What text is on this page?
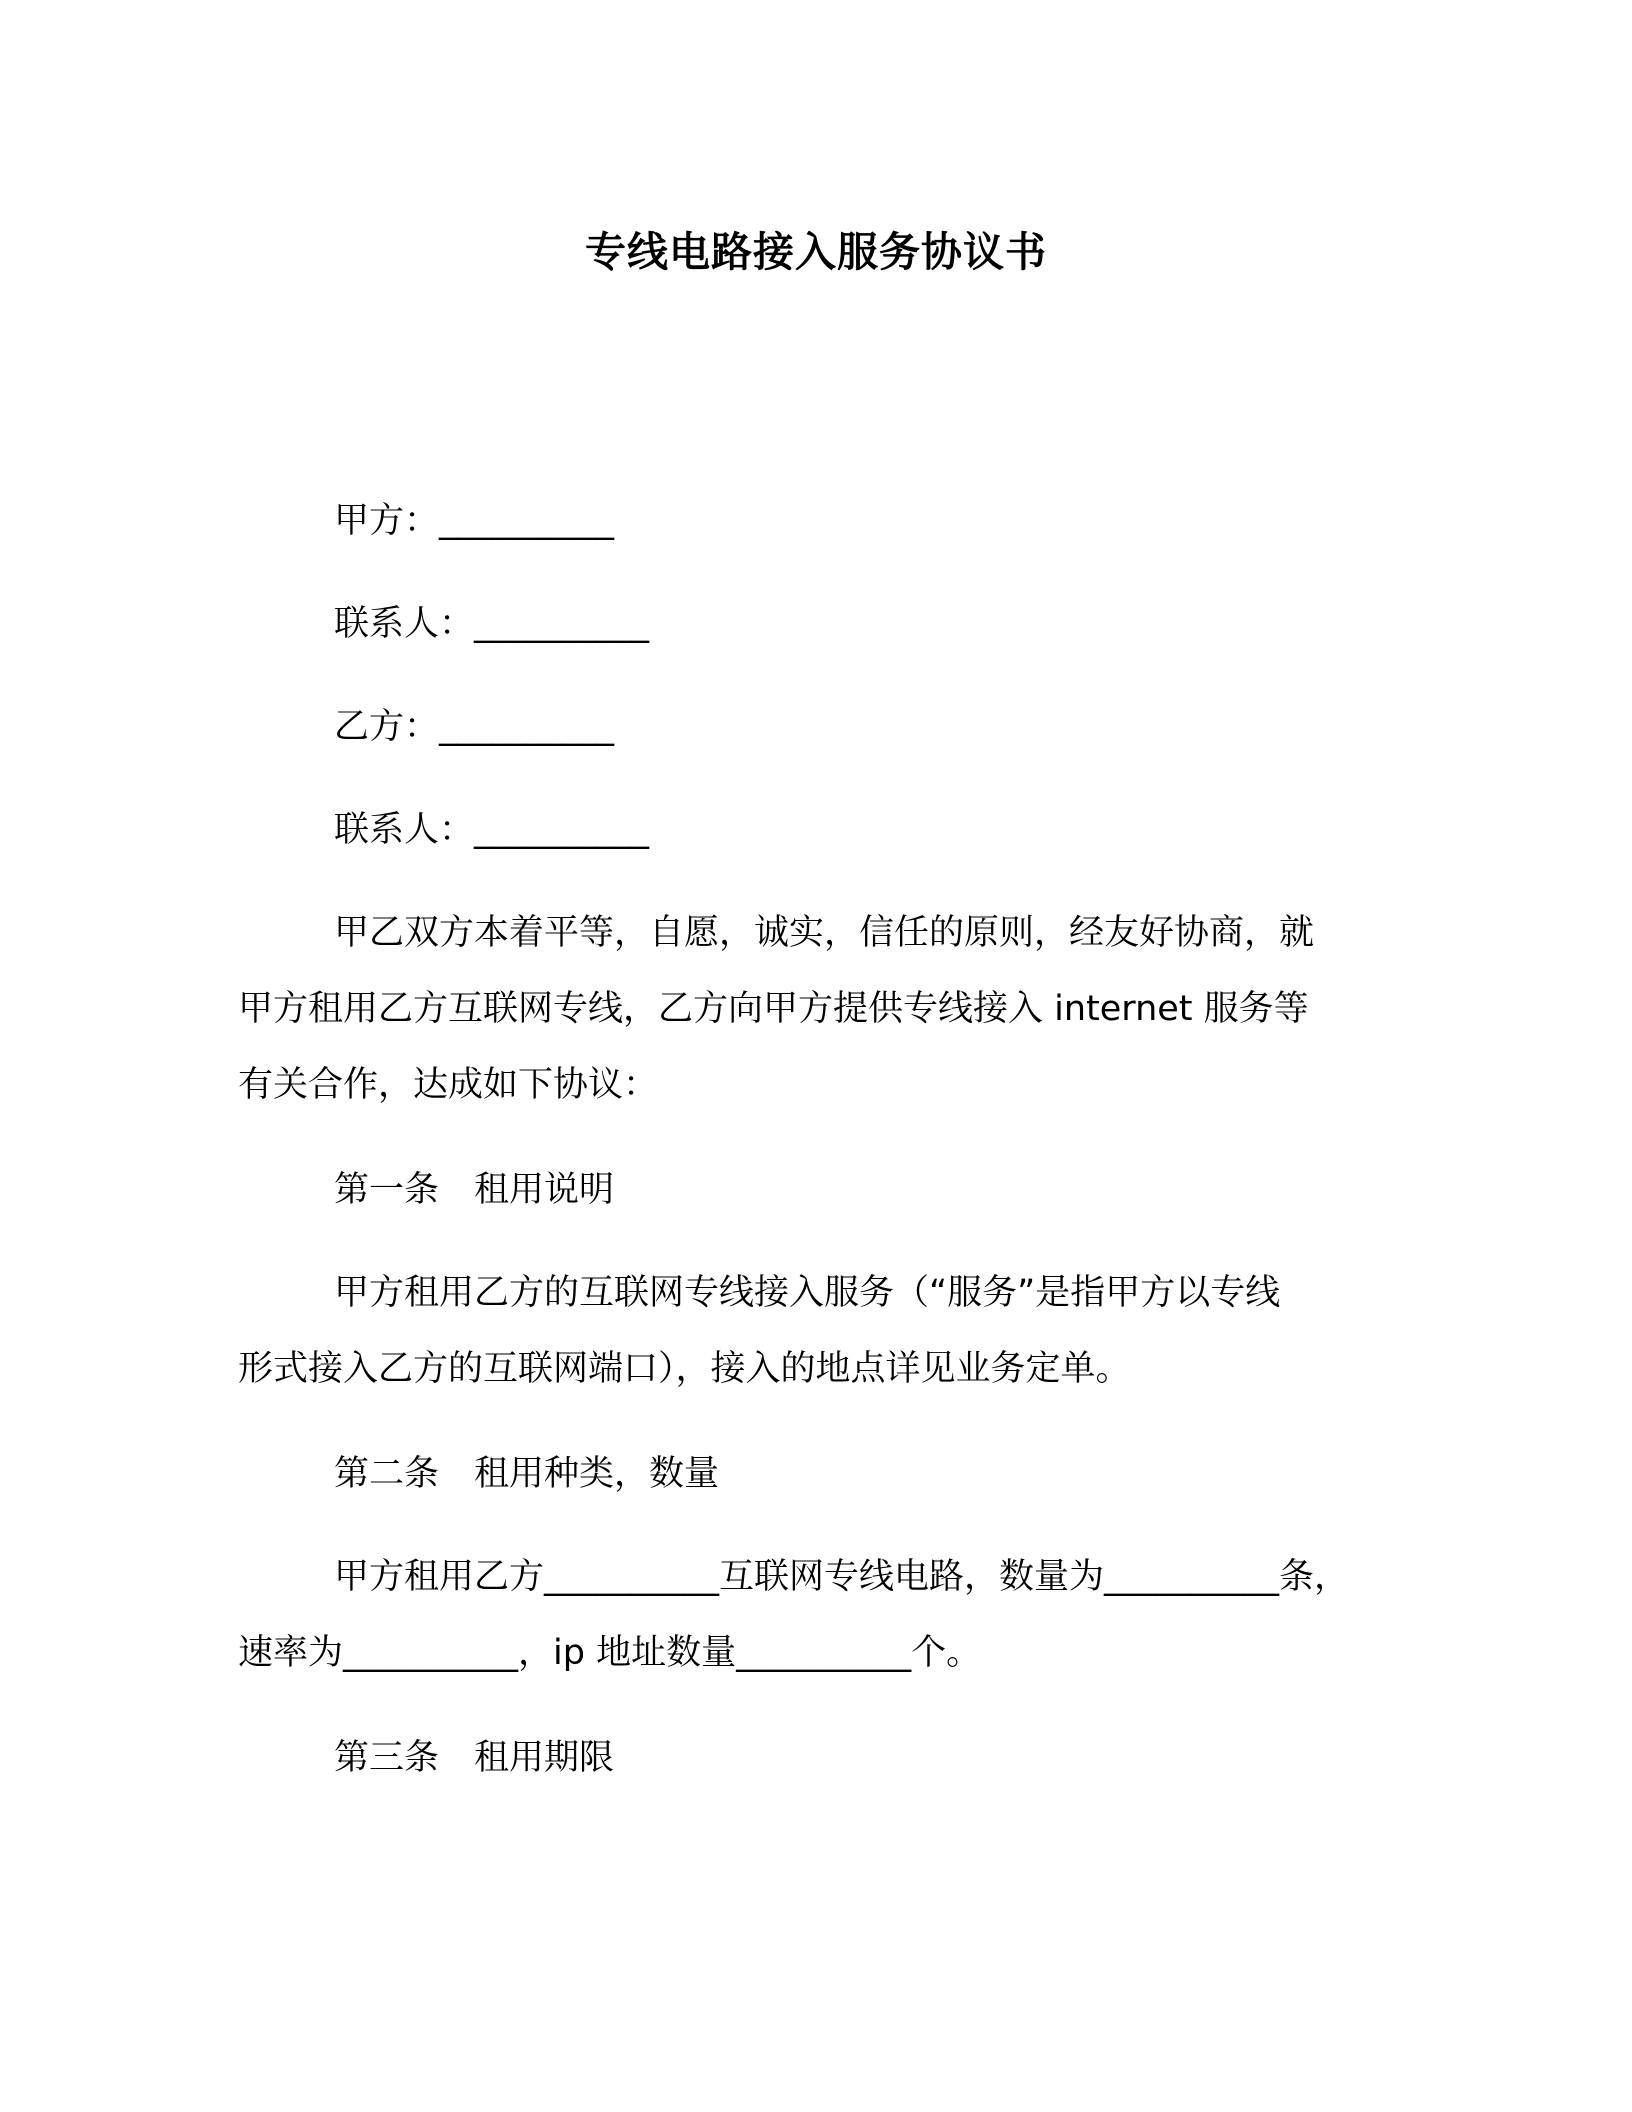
专线电路接入服务协议书
甲方：__________
联系人：__________
乙方：__________
联系人：__________
甲乙双方本着平等，自愿，诚实，信任的原则，经友好协商，就
甲方租用乙方互联网专线，乙方向甲方提供专线接入 internet 服务等
有关合作，达成如下协议：
第一条　租用说明
甲方租用乙方的互联网专线接入服务（“服务”是指甲方以专线
形式接入乙方的互联网端口），接入的地点详见业务定单。
第二条　租用种类，数量
甲方租用乙方__________互联网专线电路，数量为__________条，
速率为__________，ip 地址数量__________个。
第三条　租用期限
